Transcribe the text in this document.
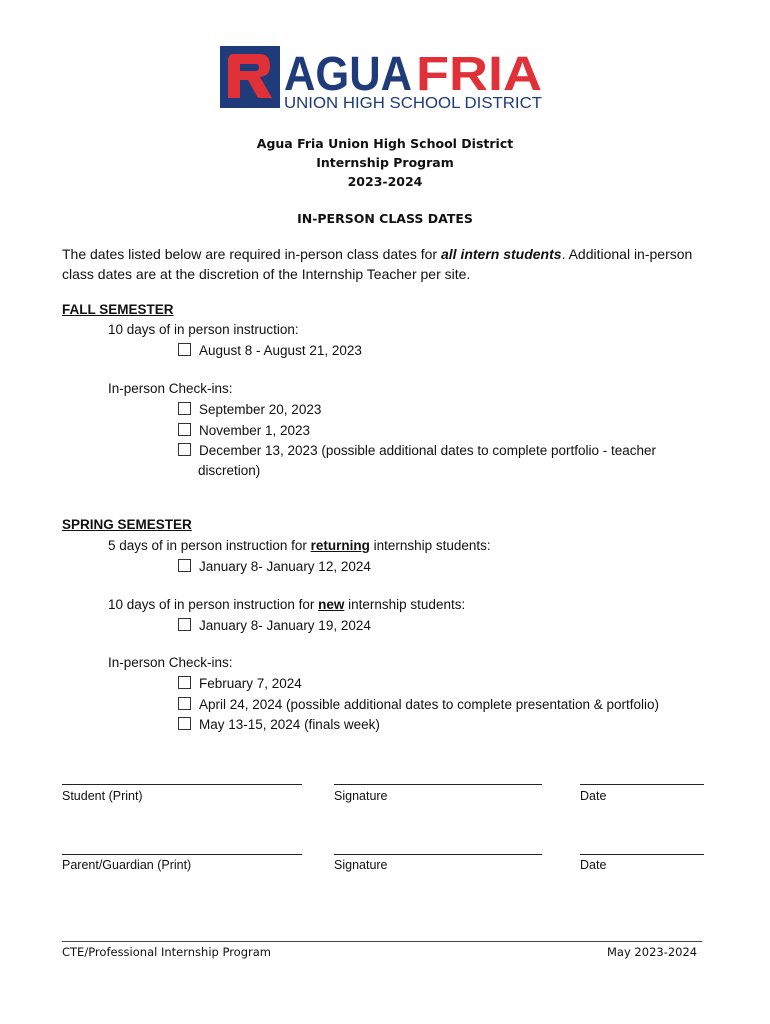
AGUA FRIA
UNION HIGH SCHOOL DISTRICT
Agua Fria Union High School District
Internship Program
2023-2024
IN-PERSON CLASS DATES
The dates listed below are required in-person class dates for all intern students. Additional in-person
class dates are at the discretion of the Internship Teacher per site.
FALL SEMESTER
10 days of in person instruction:
August 8 - August 21, 2023
In-person Check-ins:
September 20, 2023
November 1, 2023
December 13, 2023 (possible additional dates to complete portfolio - teacher
discretion)
SPRING SEMESTER
5 days of in person instruction for returning internship students:
January 8- January 12, 2024
10 days of in person instruction for new internship students:
January 8- January 19, 2024
In-person Check-ins:
February 7, 2024
April 24, 2024 (possible additional dates to complete presentation & portfolio)
May 13-15, 2024 (finals week)
Student (Print)	Signature	Date
Parent/Guardian (Print)	Signature	Date
CTE/Professional Internship Program	May 2023-2024
